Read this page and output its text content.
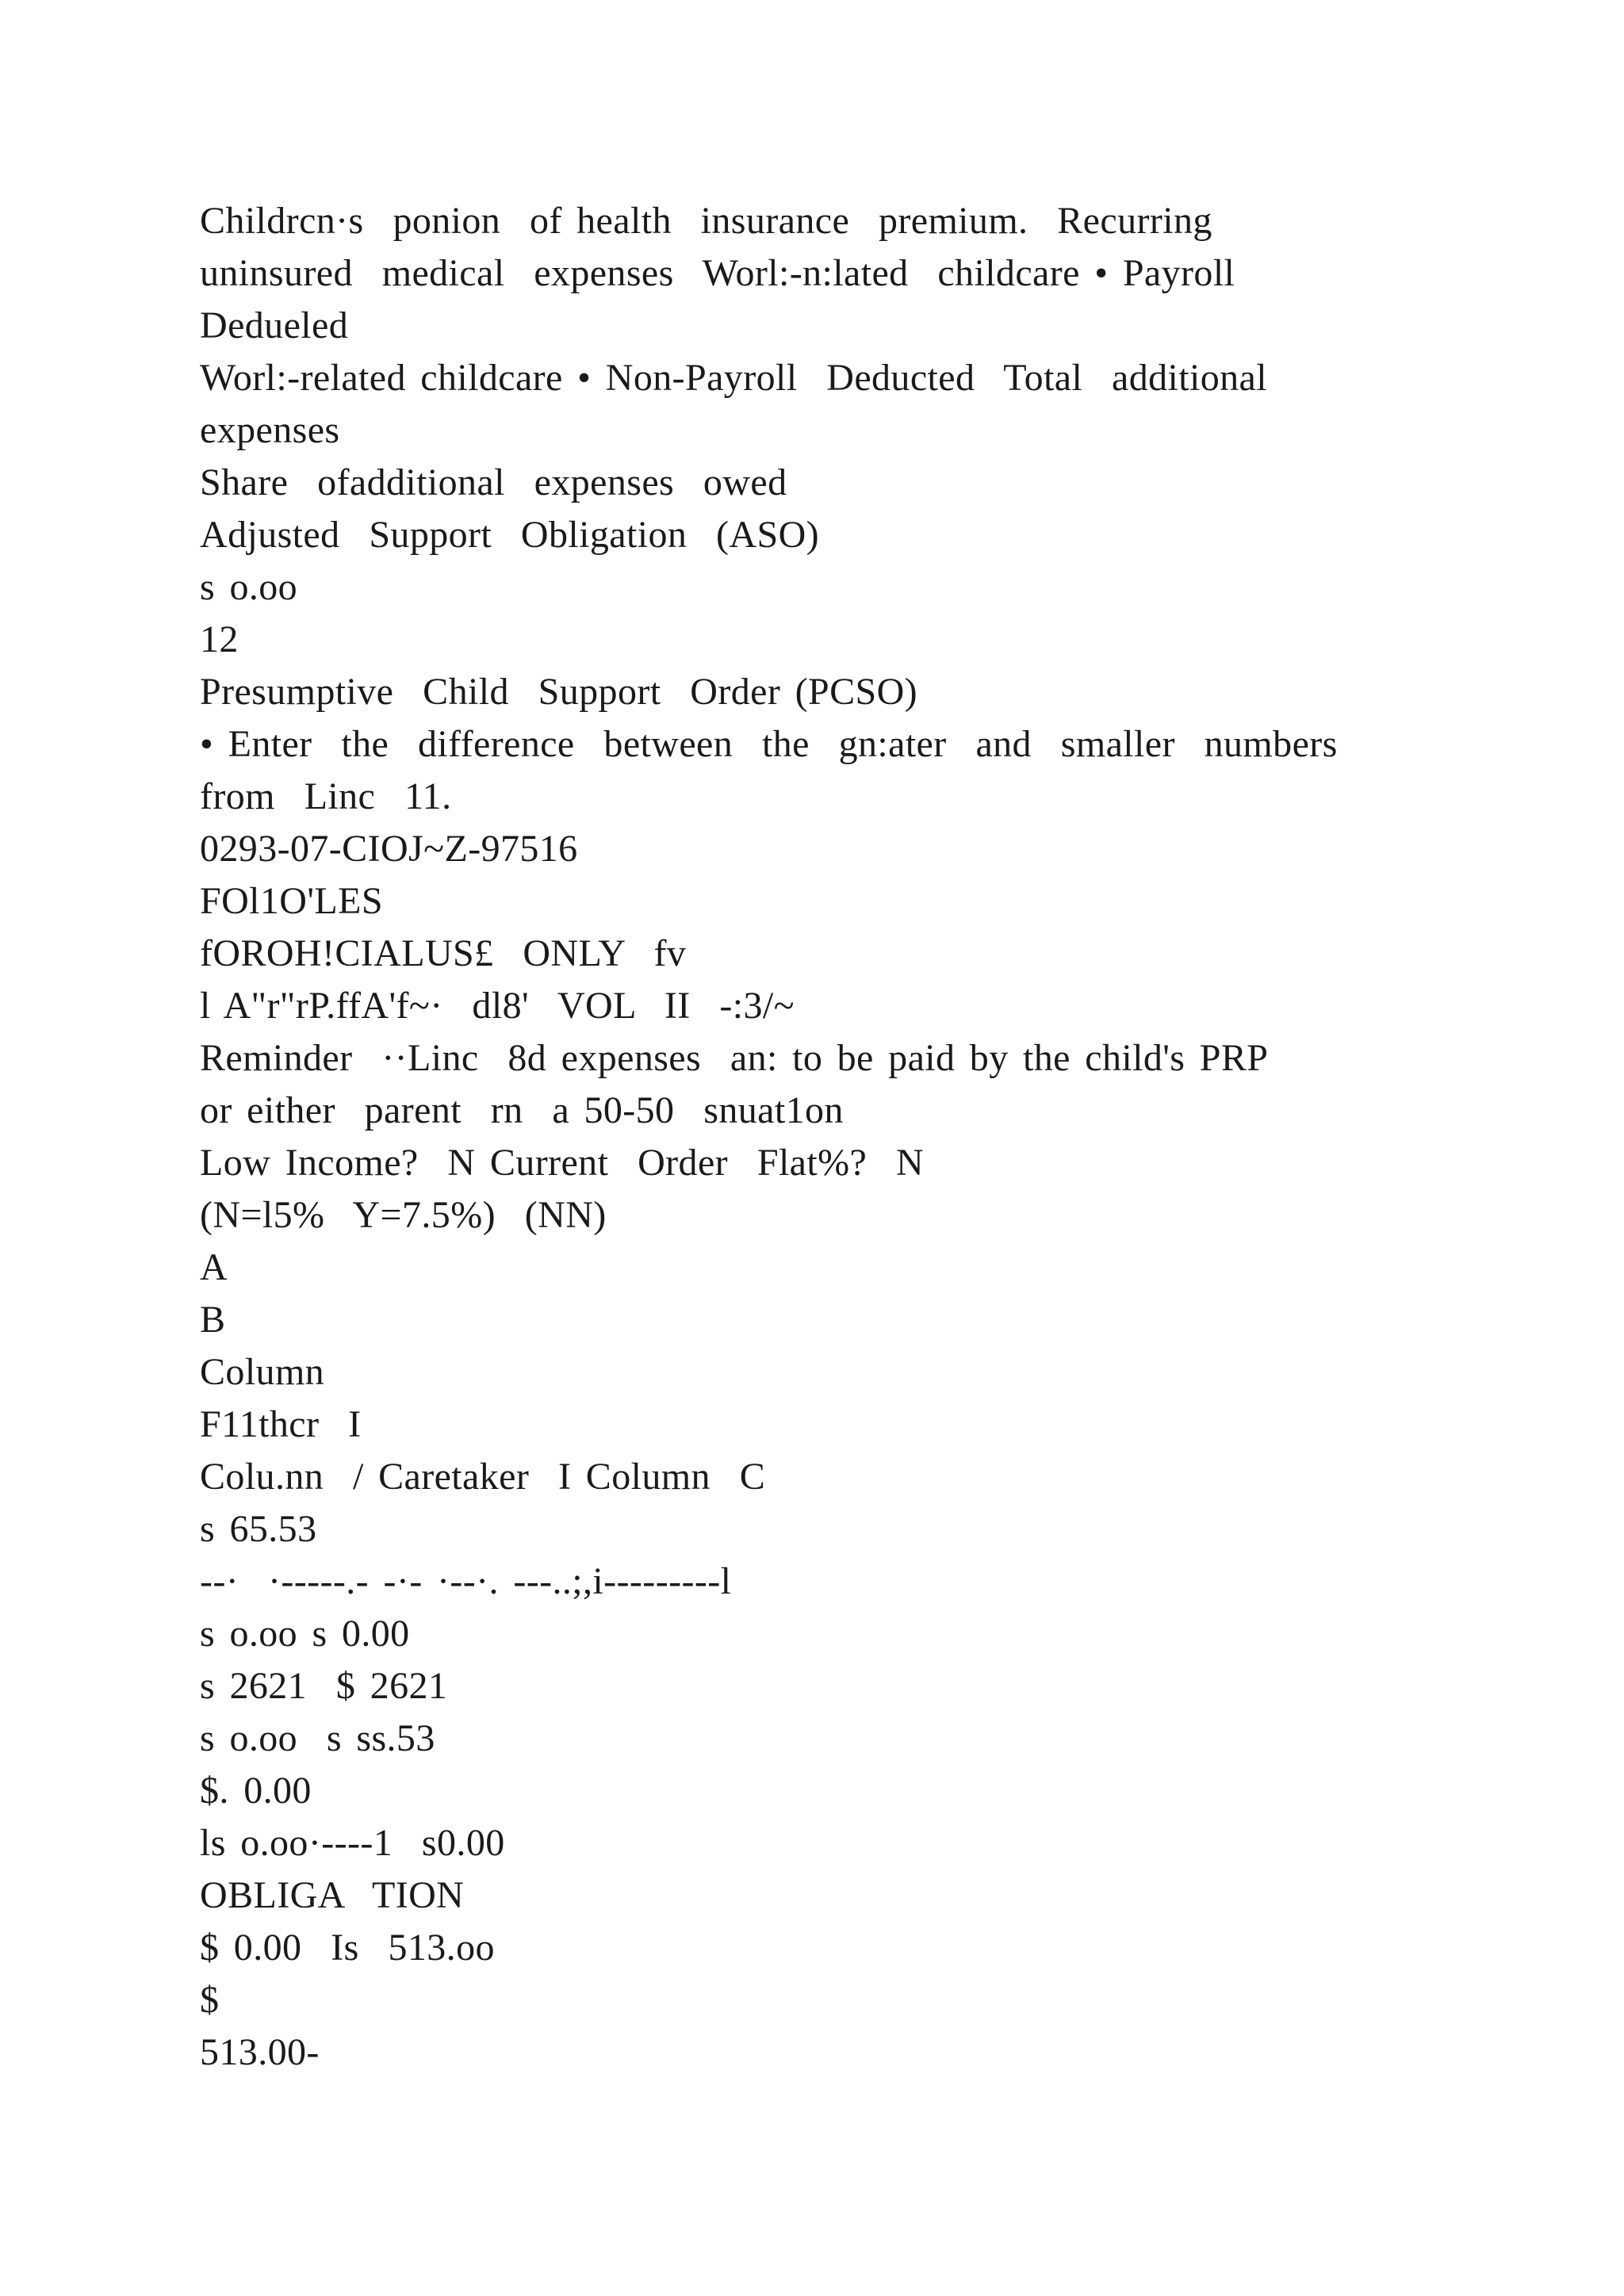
Childrcn·s  ponion  of health  insurance  premium.  Recurring
uninsured  medical  expenses  Worl:-n:lated  childcare • Payroll
Dedueled
Worl:-related childcare • Non-Payroll  Deducted  Total  additional
expenses
Share  ofadditional  expenses  owed
Adjusted  Support  Obligation  (ASO)
s o.oo
12
Presumptive  Child  Support  Order (PCSO)
• Enter  the  difference  between  the  gn:ater  and  smaller  numbers
from  Linc  11.
0293-07-CIOJ~Z-97516
FOl1O'LES
fOROH!CIALUS£  ONLY  fv
l A"r"rP.ffA'f~·  dl8'  VOL  II  -:3/~
Reminder  ··Linc  8d expenses  an: to be paid by the child's PRP
or either  parent  rn  a 50-50  snuat1on
Low Income?  N Current  Order  Flat%?  N
(N=l5%  Y=7.5%)  (NN)
A
B
Column
F11thcr  I
Colu.nn  / Caretaker  I Column  C
s 65.53
--·  ·-----.- -·- ·--·. ---..;,i---------l
s o.oo s 0.00
s 2621  $ 2621
s o.oo  s ss.53
$. 0.00
ls o.oo·----1  s0.00
OBLIGA  TION
$ 0.00  Is  513.oo
$
513.00-
